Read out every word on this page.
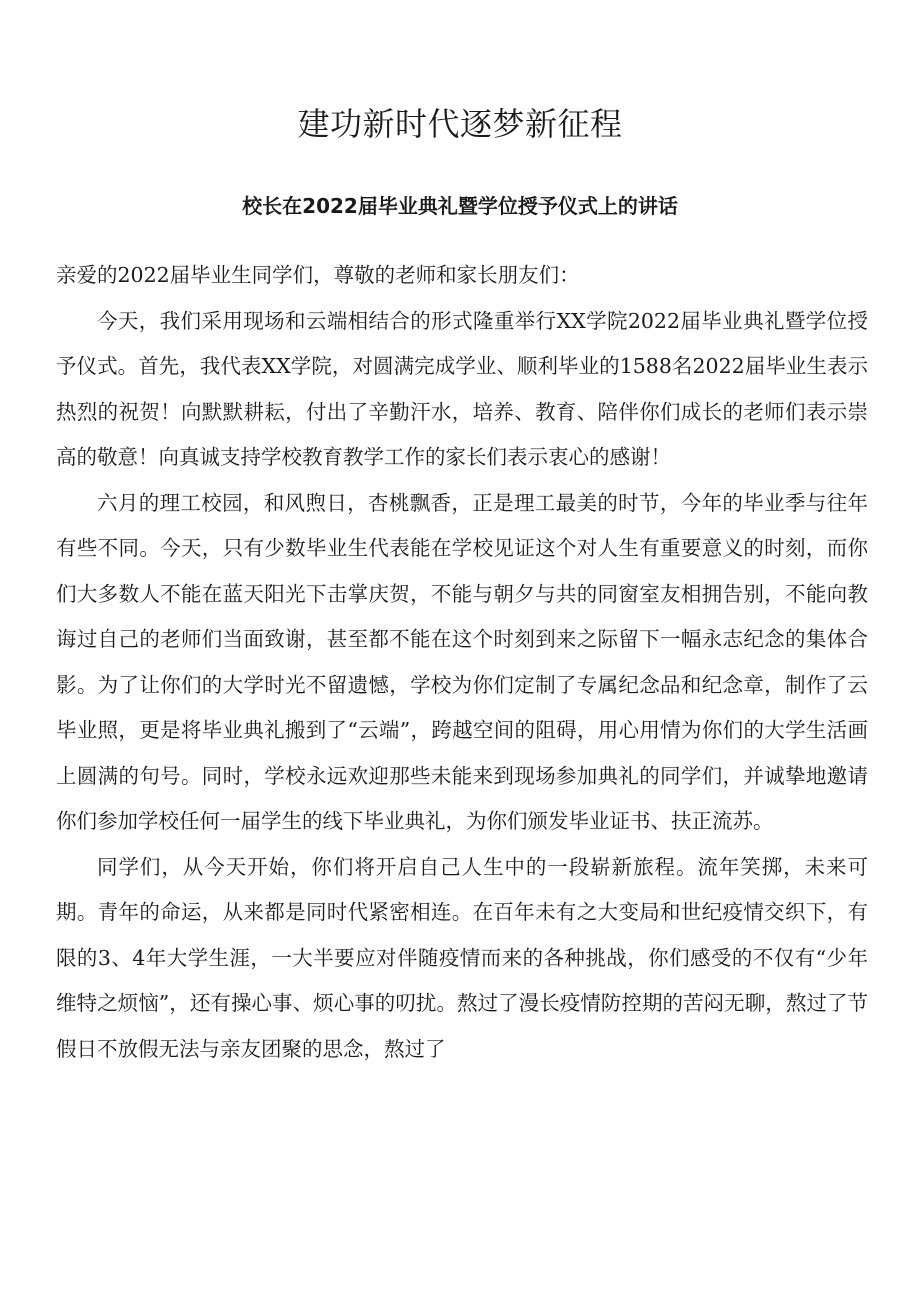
建功新时代逐梦新征程
校长在2022届毕业典礼暨学位授予仪式上的讲话

亲爱的2022届毕业生同学们，尊敬的老师和家长朋友们：

今天，我们采用现场和云端相结合的形式隆重举行XX学院2022届毕业典礼暨学位授予仪式。首先，我代表XX学院，对圆满完成学业、顺利毕业的1588名2022届毕业生表示热烈的祝贺！向默默耕耘，付出了辛勤汗水，培养、教育、陪伴你们成长的老师们表示崇高的敬意！向真诚支持学校教育教学工作的家长们表示衷心的感谢！

六月的理工校园，和风煦日，杏桃飘香，正是理工最美的时节，今年的毕业季与往年有些不同。今天，只有少数毕业生代表能在学校见证这个对人生有重要意义的时刻，而你们大多数人不能在蓝天阳光下击掌庆贺，不能与朝夕与共的同窗室友相拥告别，不能向教诲过自己的老师们当面致谢，甚至都不能在这个时刻到来之际留下一幅永志纪念的集体合影。为了让你们的大学时光不留遗憾，学校为你们定制了专属纪念品和纪念章，制作了云毕业照，更是将毕业典礼搬到了“云端”，跨越空间的阻碍，用心用情为你们的大学生活画上圆满的句号。同时，学校永远欢迎那些未能来到现场参加典礼的同学们，并诚挚地邀请你们参加学校任何一届学生的线下毕业典礼，为你们颁发毕业证书、扶正流苏。

同学们，从今天开始，你们将开启自己人生中的一段崭新旅程。流年笑掷，未来可期。青年的命运，从来都是同时代紧密相连。在百年未有之大变局和世纪疫情交织下，有限的3、4年大学生涯，一大半要应对伴随疫情而来的各种挑战，你们感受的不仅有“少年维特之烦恼”，还有操心事、烦心事的叨扰。熬过了漫长疫情防控期的苦闷无聊，熬过了节假日不放假无法与亲友团聚的思念，熬过了
